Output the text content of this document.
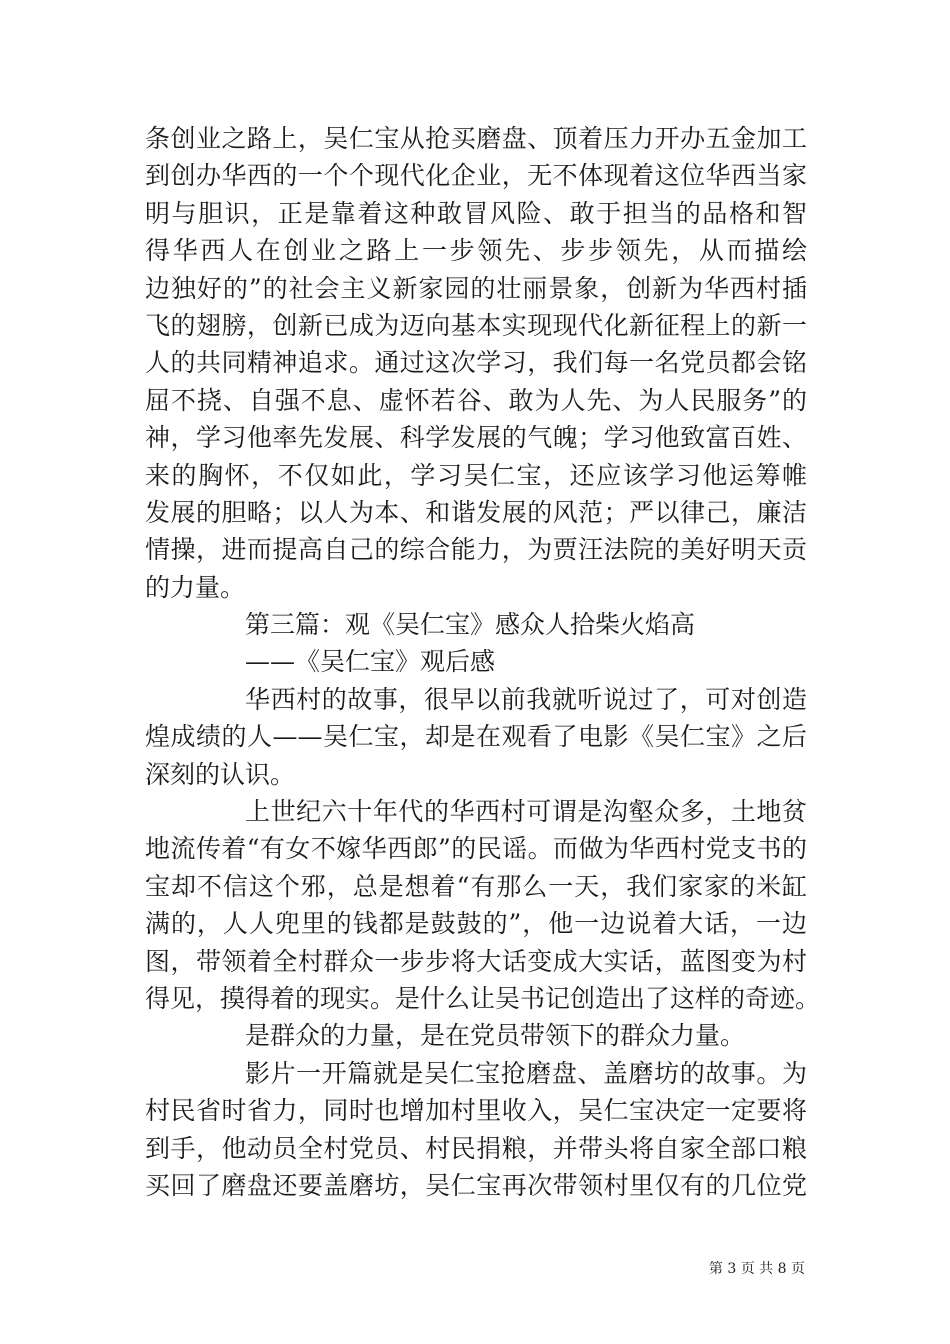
条创业之路上，吴仁宝从抢买磨盘、顶着压力开办五金加工
到创办华西的一个个现代化企业，无不体现着这位华西当家
明与胆识，正是靠着这种敢冒风险、敢于担当的品格和智
得华西人在创业之路上一步领先、步步领先，从而描绘
边独好的”的社会主义新家园的壮丽景象，创新为华西村插
飞的翅膀，创新已成为迈向基本实现现代化新征程上的新一
人的共同精神追求。通过这次学习，我们每一名党员都会铭
屈不挠、自强不息、虚怀若谷、敢为人先、为人民服务”的
神，学习他率先发展、科学发展的气魄；学习他致富百姓、
来的胸怀，不仅如此，学习吴仁宝，还应该学习他运筹帷
发展的胆略；以人为本、和谐发展的风范；严以律己，廉洁
情操，进而提高自己的综合能力，为贾汪法院的美好明天贡
的力量。
第三篇：观《吴仁宝》感众人拾柴火焰高
——《吴仁宝》观后感
华西村的故事，很早以前我就听说过了，可对创造
煌成绩的人——吴仁宝，却是在观看了电影《吴仁宝》之后
深刻的认识。
上世纪六十年代的华西村可谓是沟壑众多，土地贫
地流传着“有女不嫁华西郎”的民谣。而做为华西村党支书的
宝却不信这个邪，总是想着“有那么一天，我们家家的米缸
满的，人人兜里的钱都是鼓鼓的”，他一边说着大话，一边
图，带领着全村群众一步步将大话变成大实话，蓝图变为村
得见，摸得着的现实。是什么让吴书记创造出了这样的奇迹。
是群众的力量，是在党员带领下的群众力量。
影片一开篇就是吴仁宝抢磨盘、盖磨坊的故事。为
村民省时省力，同时也增加村里收入，吴仁宝决定一定要将
到手，他动员全村党员、村民捐粮，并带头将自家全部口粮
买回了磨盘还要盖磨坊，吴仁宝再次带领村里仅有的几位党
第 3 页 共 8 页
